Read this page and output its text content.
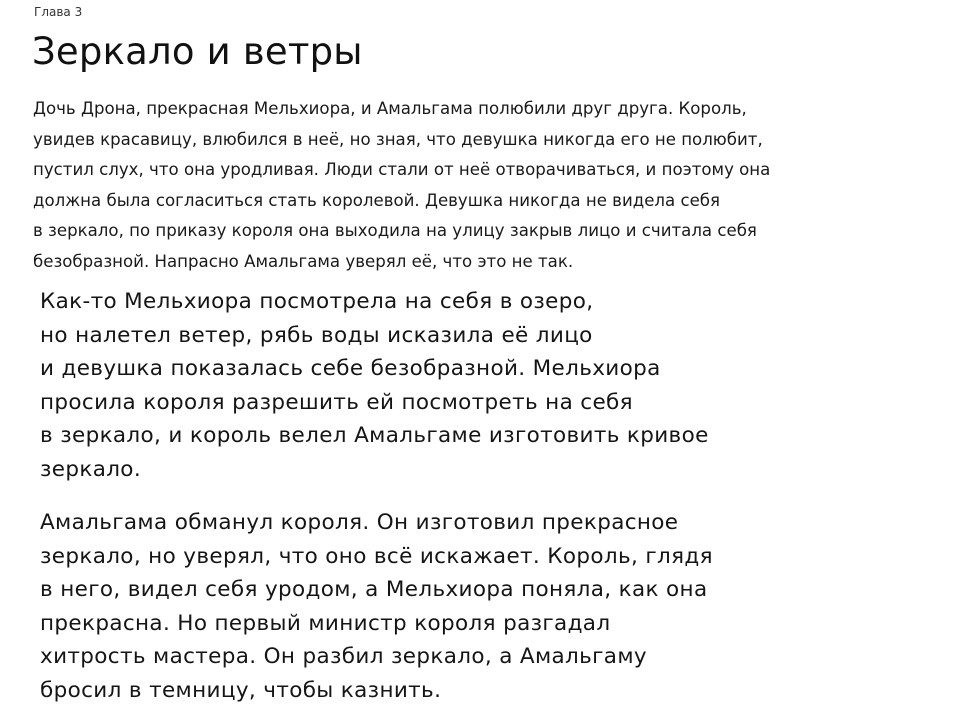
Глава 3
Зеркало и ветры

Дочь Дрона, прекрасная Мельхиора, и Амальгама полюбили друг друга. Король,
увидев красавицу, влюбился в неё, но зная, что девушка никогда его не полюбит,
пустил слух, что она уродливая. Люди стали от неё отворачиваться, и поэтому она
должна была согласиться стать королевой. Девушка никогда не видела себя
в зеркало, по приказу короля она выходила на улицу закрыв лицо и считала себя
безобразной. Напрасно Амальгама уверял её, что это не так.

Как-то Мельхиора посмотрела на себя в озеро,
но налетел ветер, рябь воды исказила её лицо
и девушка показалась себе безобразной. Мельхиора
просила короля разрешить ей посмотреть на себя
в зеркало, и король велел Амальгаме изготовить кривое
зеркало.

Амальгама обманул короля. Он изготовил прекрасное
зеркало, но уверял, что оно всё искажает. Король, глядя
в него, видел себя уродом, а Мельхиора поняла, как она
прекрасна. Но первый министр короля разгадал
хитрость мастера. Он разбил зеркало, а Амальгаму
бросил в темницу, чтобы казнить.
